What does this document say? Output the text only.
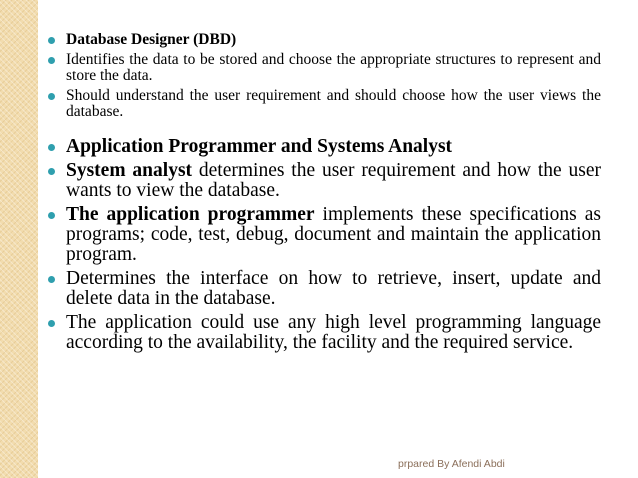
Database Designer (DBD)
Identifies the data to be stored and choose the appropriate structures to represent and store the data.
Should understand the user requirement and should choose how the user views the database.
Application Programmer and Systems Analyst
System analyst determines the user requirement and how the user wants to view the database.
The application programmer implements these specifications as programs; code, test, debug, document and maintain the application program.
Determines the interface on how to retrieve, insert, update and delete data in the database.
The application could use any high level programming language according to the availability, the facility and the required service.
prpared By Afendi Abdi
